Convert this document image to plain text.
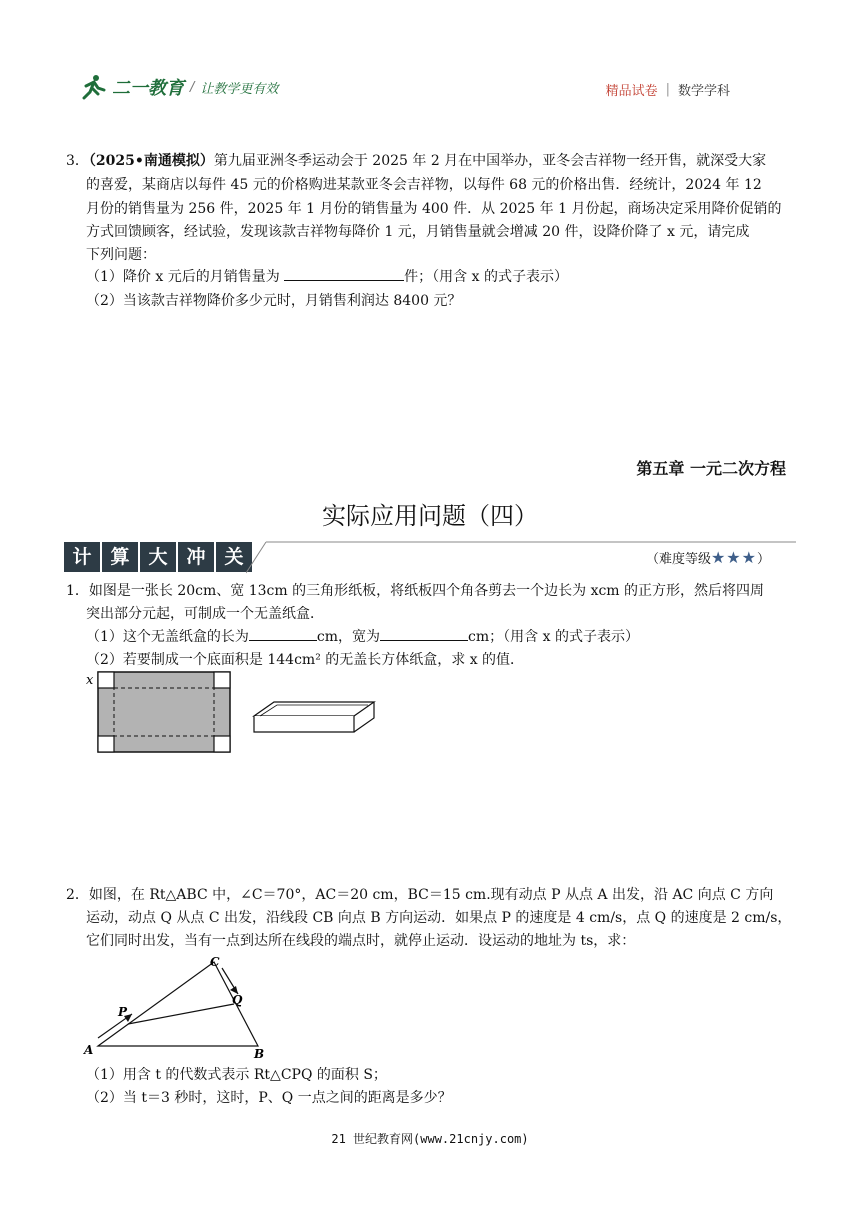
二一教育 / 让教学更有效	精品试卷 | 数学学科
3．（2025•南通模拟）第九届亚洲冬季运动会于 2025 年 2 月在中国举办，亚冬会吉祥物一经开售，就深受大家
的喜爱，某商店以每件 45 元的价格购进某款亚冬会吉祥物，以每件 68 元的价格出售．经统计，2024 年 12
月份的销售量为 256 件，2025 年 1 月份的销售量为 400 件．从 2025 年 1 月份起，商场决定采用降价促销的
方式回馈顾客，经试验，发现该款吉祥物每降价 1 元，月销售量就会增减 20 件，设降价降了 x 元，请完成
下列问题：
（1）降价 x 元后的月销售量为	件；（用含 x 的式子表示）
（2）当该款吉祥物降价多少元时，月销售利润达 8400 元？
第五章 一元二次方程
实际应用问题（四）
计 算 大 冲 关	（难度等级★★★）
1．如图是一张长 20cm、宽 13cm 的三角形纸板，将纸板四个角各剪去一个边长为 xcm 的正方形，然后将四周
突出部分元起，可制成一个无盖纸盒．
（1）这个无盖纸盒的长为	cm，宽为	cm；（用含 x 的式子表示）
（2）若要制成一个底面积是 144cm² 的无盖长方体纸盒，求 x 的值．
x
2．如图，在 Rt△ABC 中，∠C＝70°，AC＝20 cm，BC＝15 cm.现有动点 P 从点 A 出发，沿 AC 向点 C 方向
运动，动点 Q 从点 C 出发，沿线段 CB 向点 B 方向运动．如果点 P 的速度是 4 cm/s，点 Q 的速度是 2 cm/s，
它们同时出发，当有一点到达所在线段的端点时，就停止运动．设运动的地址为 ts，求：
A	B
C
P
Q
（1）用含 t 的代数式表示 Rt△CPQ 的面积 S；
（2）当 t＝3 秒时，这时，P、Q 一点之间的距离是多少？
21 世纪教育网(www.21cnjy.com)
